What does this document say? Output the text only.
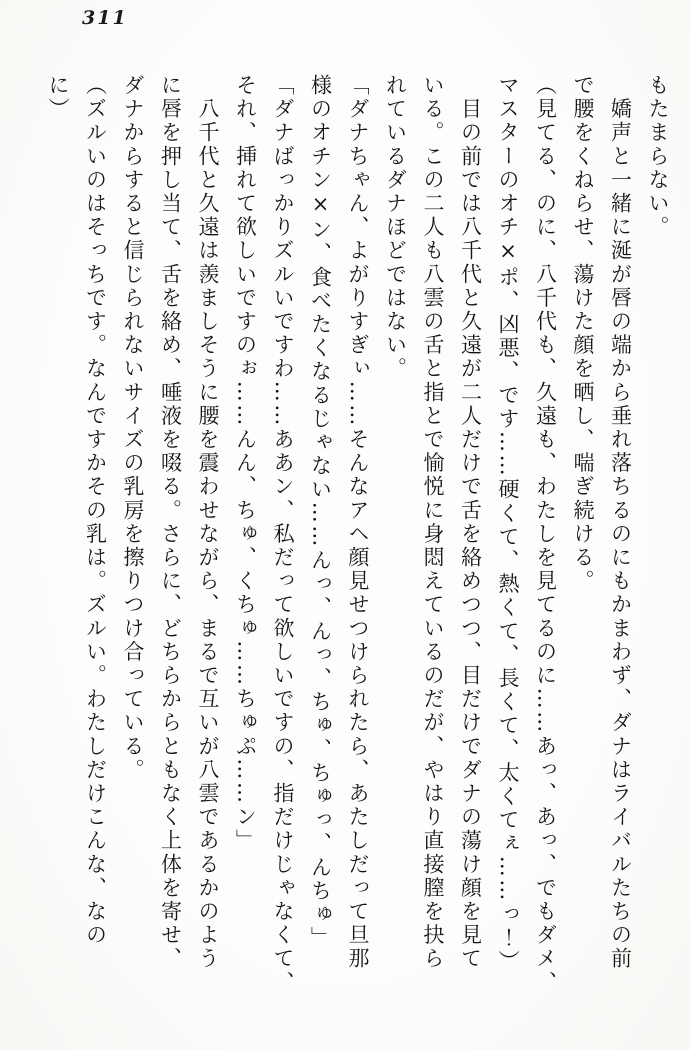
311
もたまらない。
　嬌声と一緒に涎が唇の端から垂れ落ちるのにもかまわず、ダナはライバルたちの前
で腰をくねらせ、蕩けた顔を晒し、喘ぎ続ける。
（見てる、のに、八千代も、久遠も、わたしを見てるのに……あっ、あっ、でもダメ、
マスターのオチ×ポ、凶悪、です……硬くて、熱くて、長くて、太くてぇ……っ！）
　目の前では八千代と久遠が二人だけで舌を絡めつつ、目だけでダナの蕩け顔を見て
いる。この二人も八雲の舌と指とで愉悦に身悶えているのだが、やはり直接膣を抉ら
れているダナほどではない。
「ダナちゃん、よがりすぎぃ……そんなアヘ顔見せつけられたら、あたしだって旦那
様のオチン×ン、食べたくなるじゃない……んっ、んっ、ちゅ、ちゅっ、んちゅ」
「ダナばっかりズルいですわ……ああン、私だって欲しいですの、指だけじゃなくて、
それ、挿れて欲しいですのぉ……んん、ちゅ、くちゅ……ちゅぷ……ン」
　八千代と久遠は羨ましそうに腰を震わせながら、まるで互いが八雲であるかのよう
に唇を押し当て、舌を絡め、唾液を啜る。さらに、どちらからともなく上体を寄せ、
ダナからすると信じられないサイズの乳房を擦りつけ合っている。
（ズルいのはそっちです。なんですかその乳は。ズルい。わたしだけこんな、なの
に）
